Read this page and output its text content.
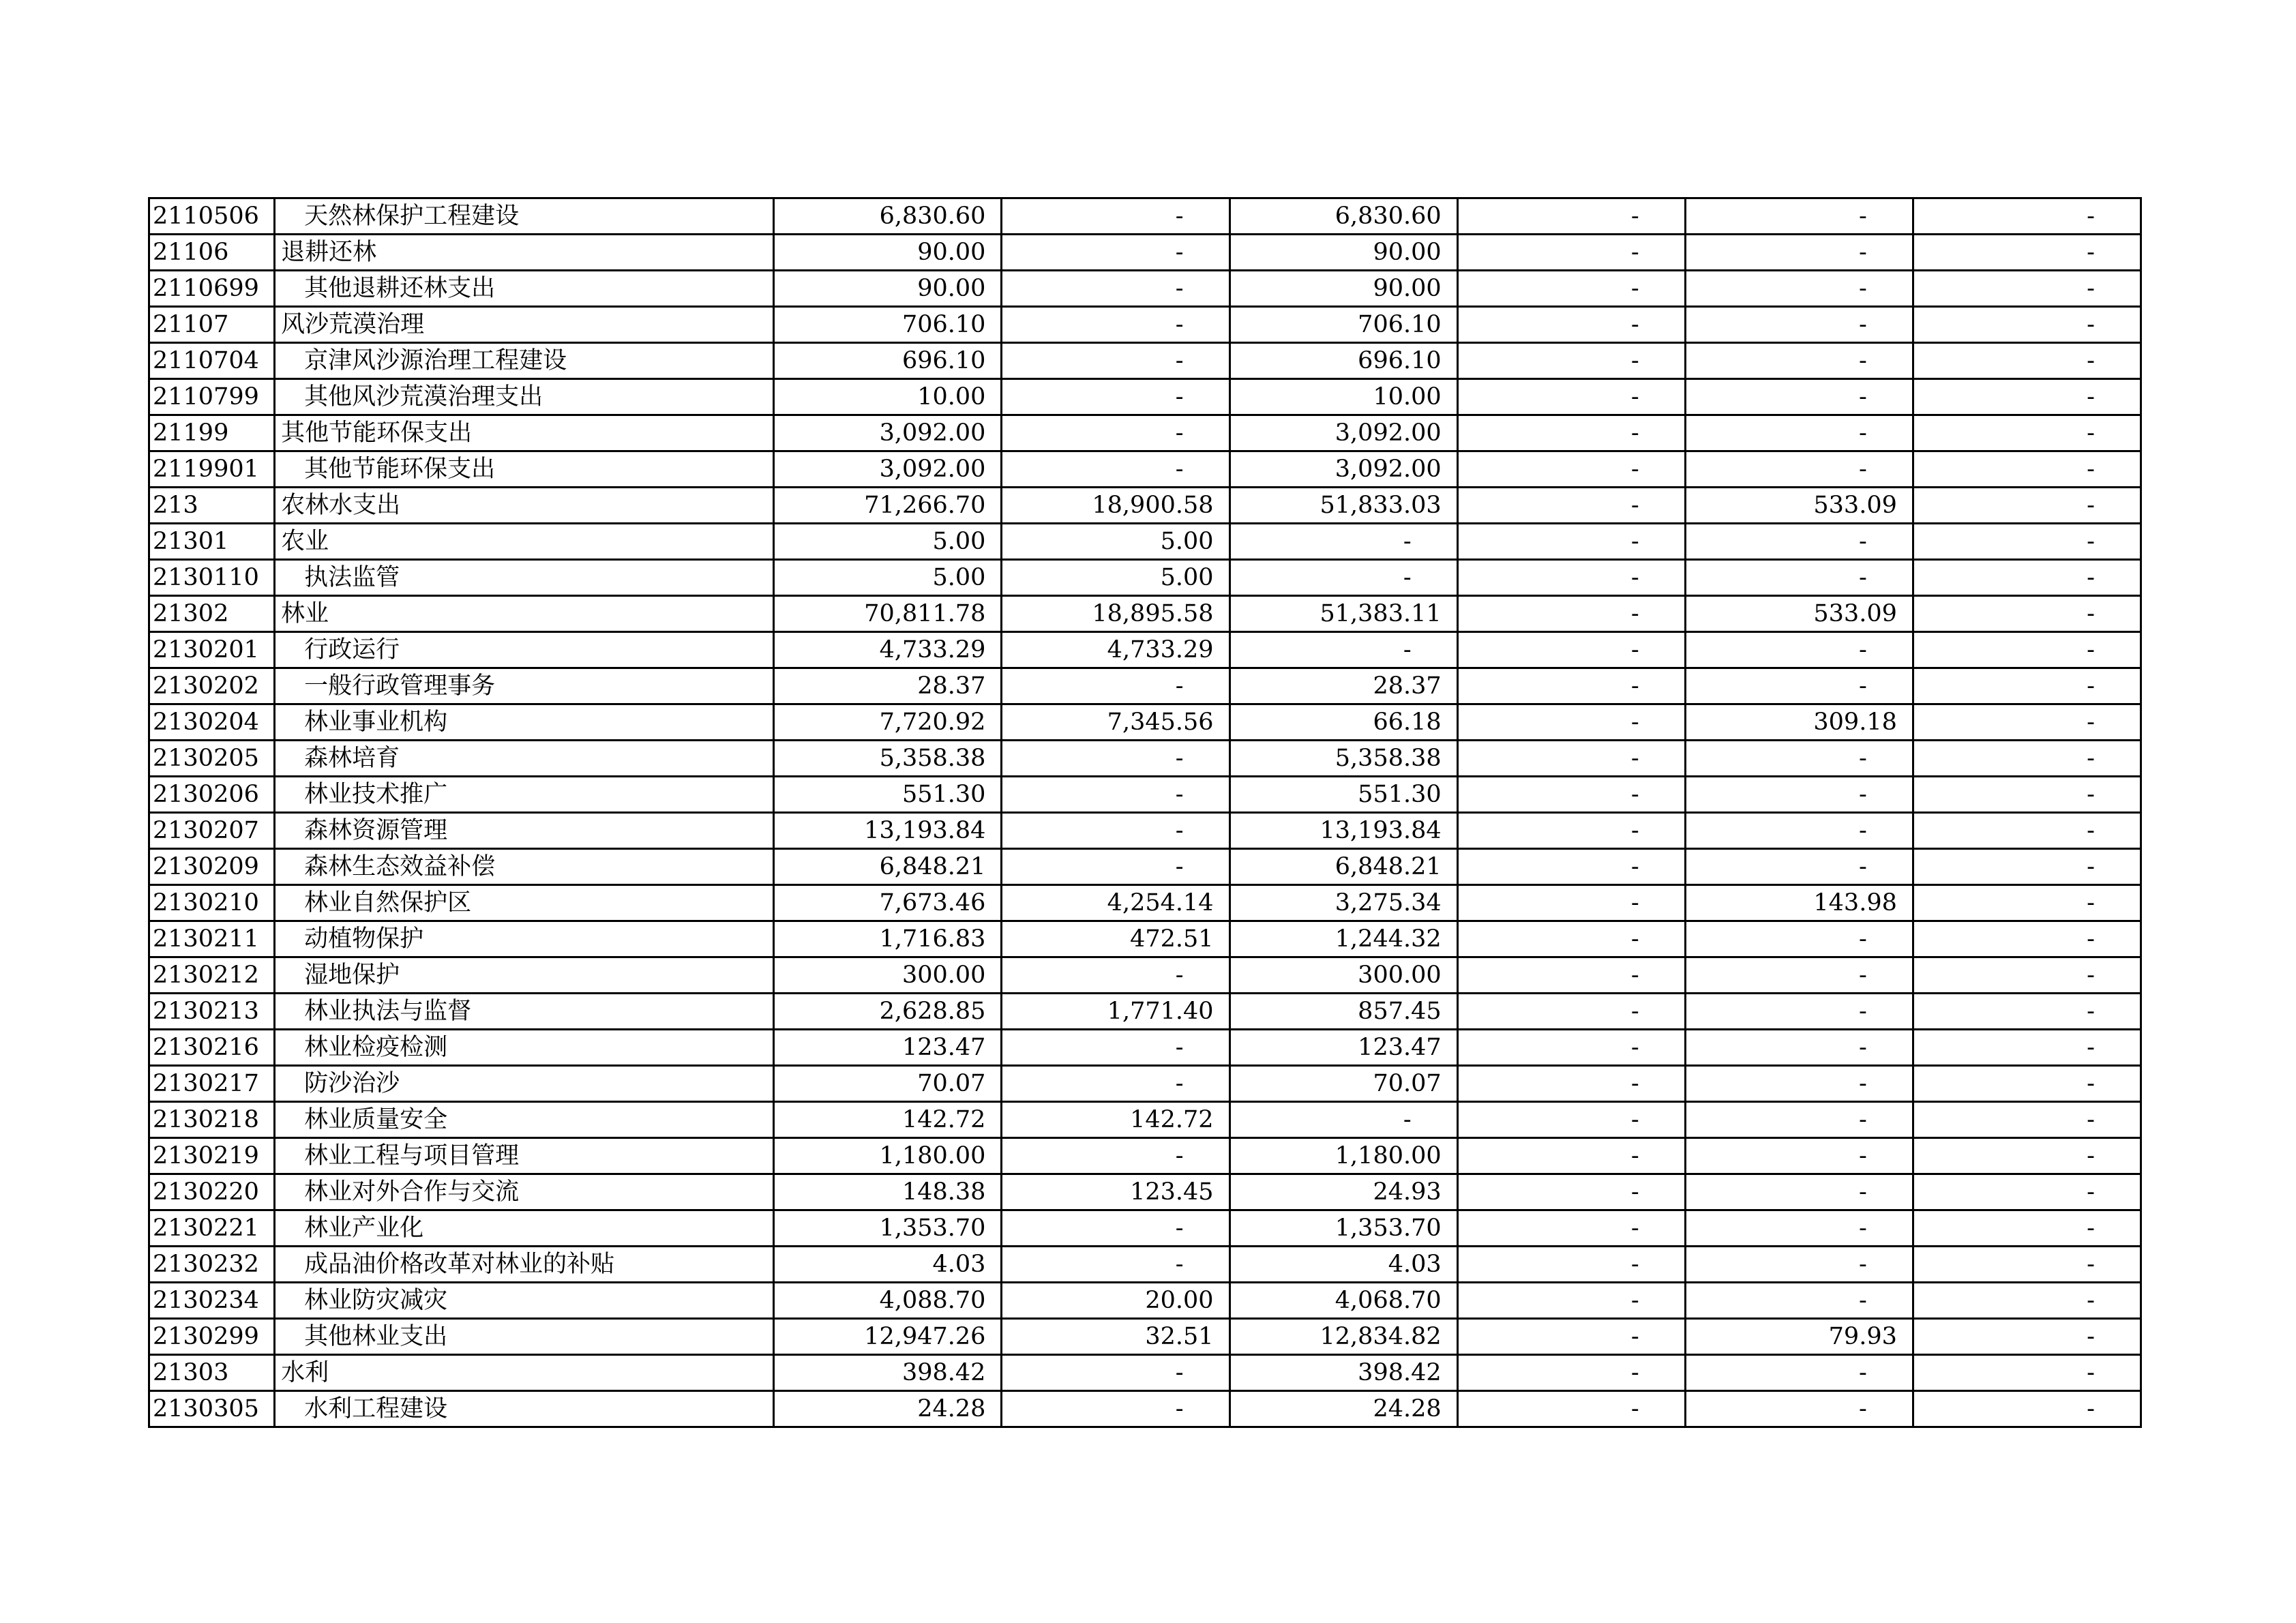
2110506	天然林保护工程建设	6,830.60	-	6,830.60	-	-	-
21106	退耕还林	90.00	-	90.00	-	-	-
2110699	其他退耕还林支出	90.00	-	90.00	-	-	-
21107	风沙荒漠治理	706.10	-	706.10	-	-	-
2110704	京津风沙源治理工程建设	696.10	-	696.10	-	-	-
2110799	其他风沙荒漠治理支出	10.00	-	10.00	-	-	-
21199	其他节能环保支出	3,092.00	-	3,092.00	-	-	-
2119901	其他节能环保支出	3,092.00	-	3,092.00	-	-	-
213	农林水支出	71,266.70	18,900.58	51,833.03	-	533.09	-
21301	农业	5.00	5.00	-	-	-	-
2130110	执法监管	5.00	5.00	-	-	-	-
21302	林业	70,811.78	18,895.58	51,383.11	-	533.09	-
2130201	行政运行	4,733.29	4,733.29	-	-	-	-
2130202	一般行政管理事务	28.37	-	28.37	-	-	-
2130204	林业事业机构	7,720.92	7,345.56	66.18	-	309.18	-
2130205	森林培育	5,358.38	-	5,358.38	-	-	-
2130206	林业技术推广	551.30	-	551.30	-	-	-
2130207	森林资源管理	13,193.84	-	13,193.84	-	-	-
2130209	森林生态效益补偿	6,848.21	-	6,848.21	-	-	-
2130210	林业自然保护区	7,673.46	4,254.14	3,275.34	-	143.98	-
2130211	动植物保护	1,716.83	472.51	1,244.32	-	-	-
2130212	湿地保护	300.00	-	300.00	-	-	-
2130213	林业执法与监督	2,628.85	1,771.40	857.45	-	-	-
2130216	林业检疫检测	123.47	-	123.47	-	-	-
2130217	防沙治沙	70.07	-	70.07	-	-	-
2130218	林业质量安全	142.72	142.72	-	-	-	-
2130219	林业工程与项目管理	1,180.00	-	1,180.00	-	-	-
2130220	林业对外合作与交流	148.38	123.45	24.93	-	-	-
2130221	林业产业化	1,353.70	-	1,353.70	-	-	-
2130232	成品油价格改革对林业的补贴	4.03	-	4.03	-	-	-
2130234	林业防灾减灾	4,088.70	20.00	4,068.70	-	-	-
2130299	其他林业支出	12,947.26	32.51	12,834.82	-	79.93	-
21303	水利	398.42	-	398.42	-	-	-
2130305	水利工程建设	24.28	-	24.28	-	-	-
